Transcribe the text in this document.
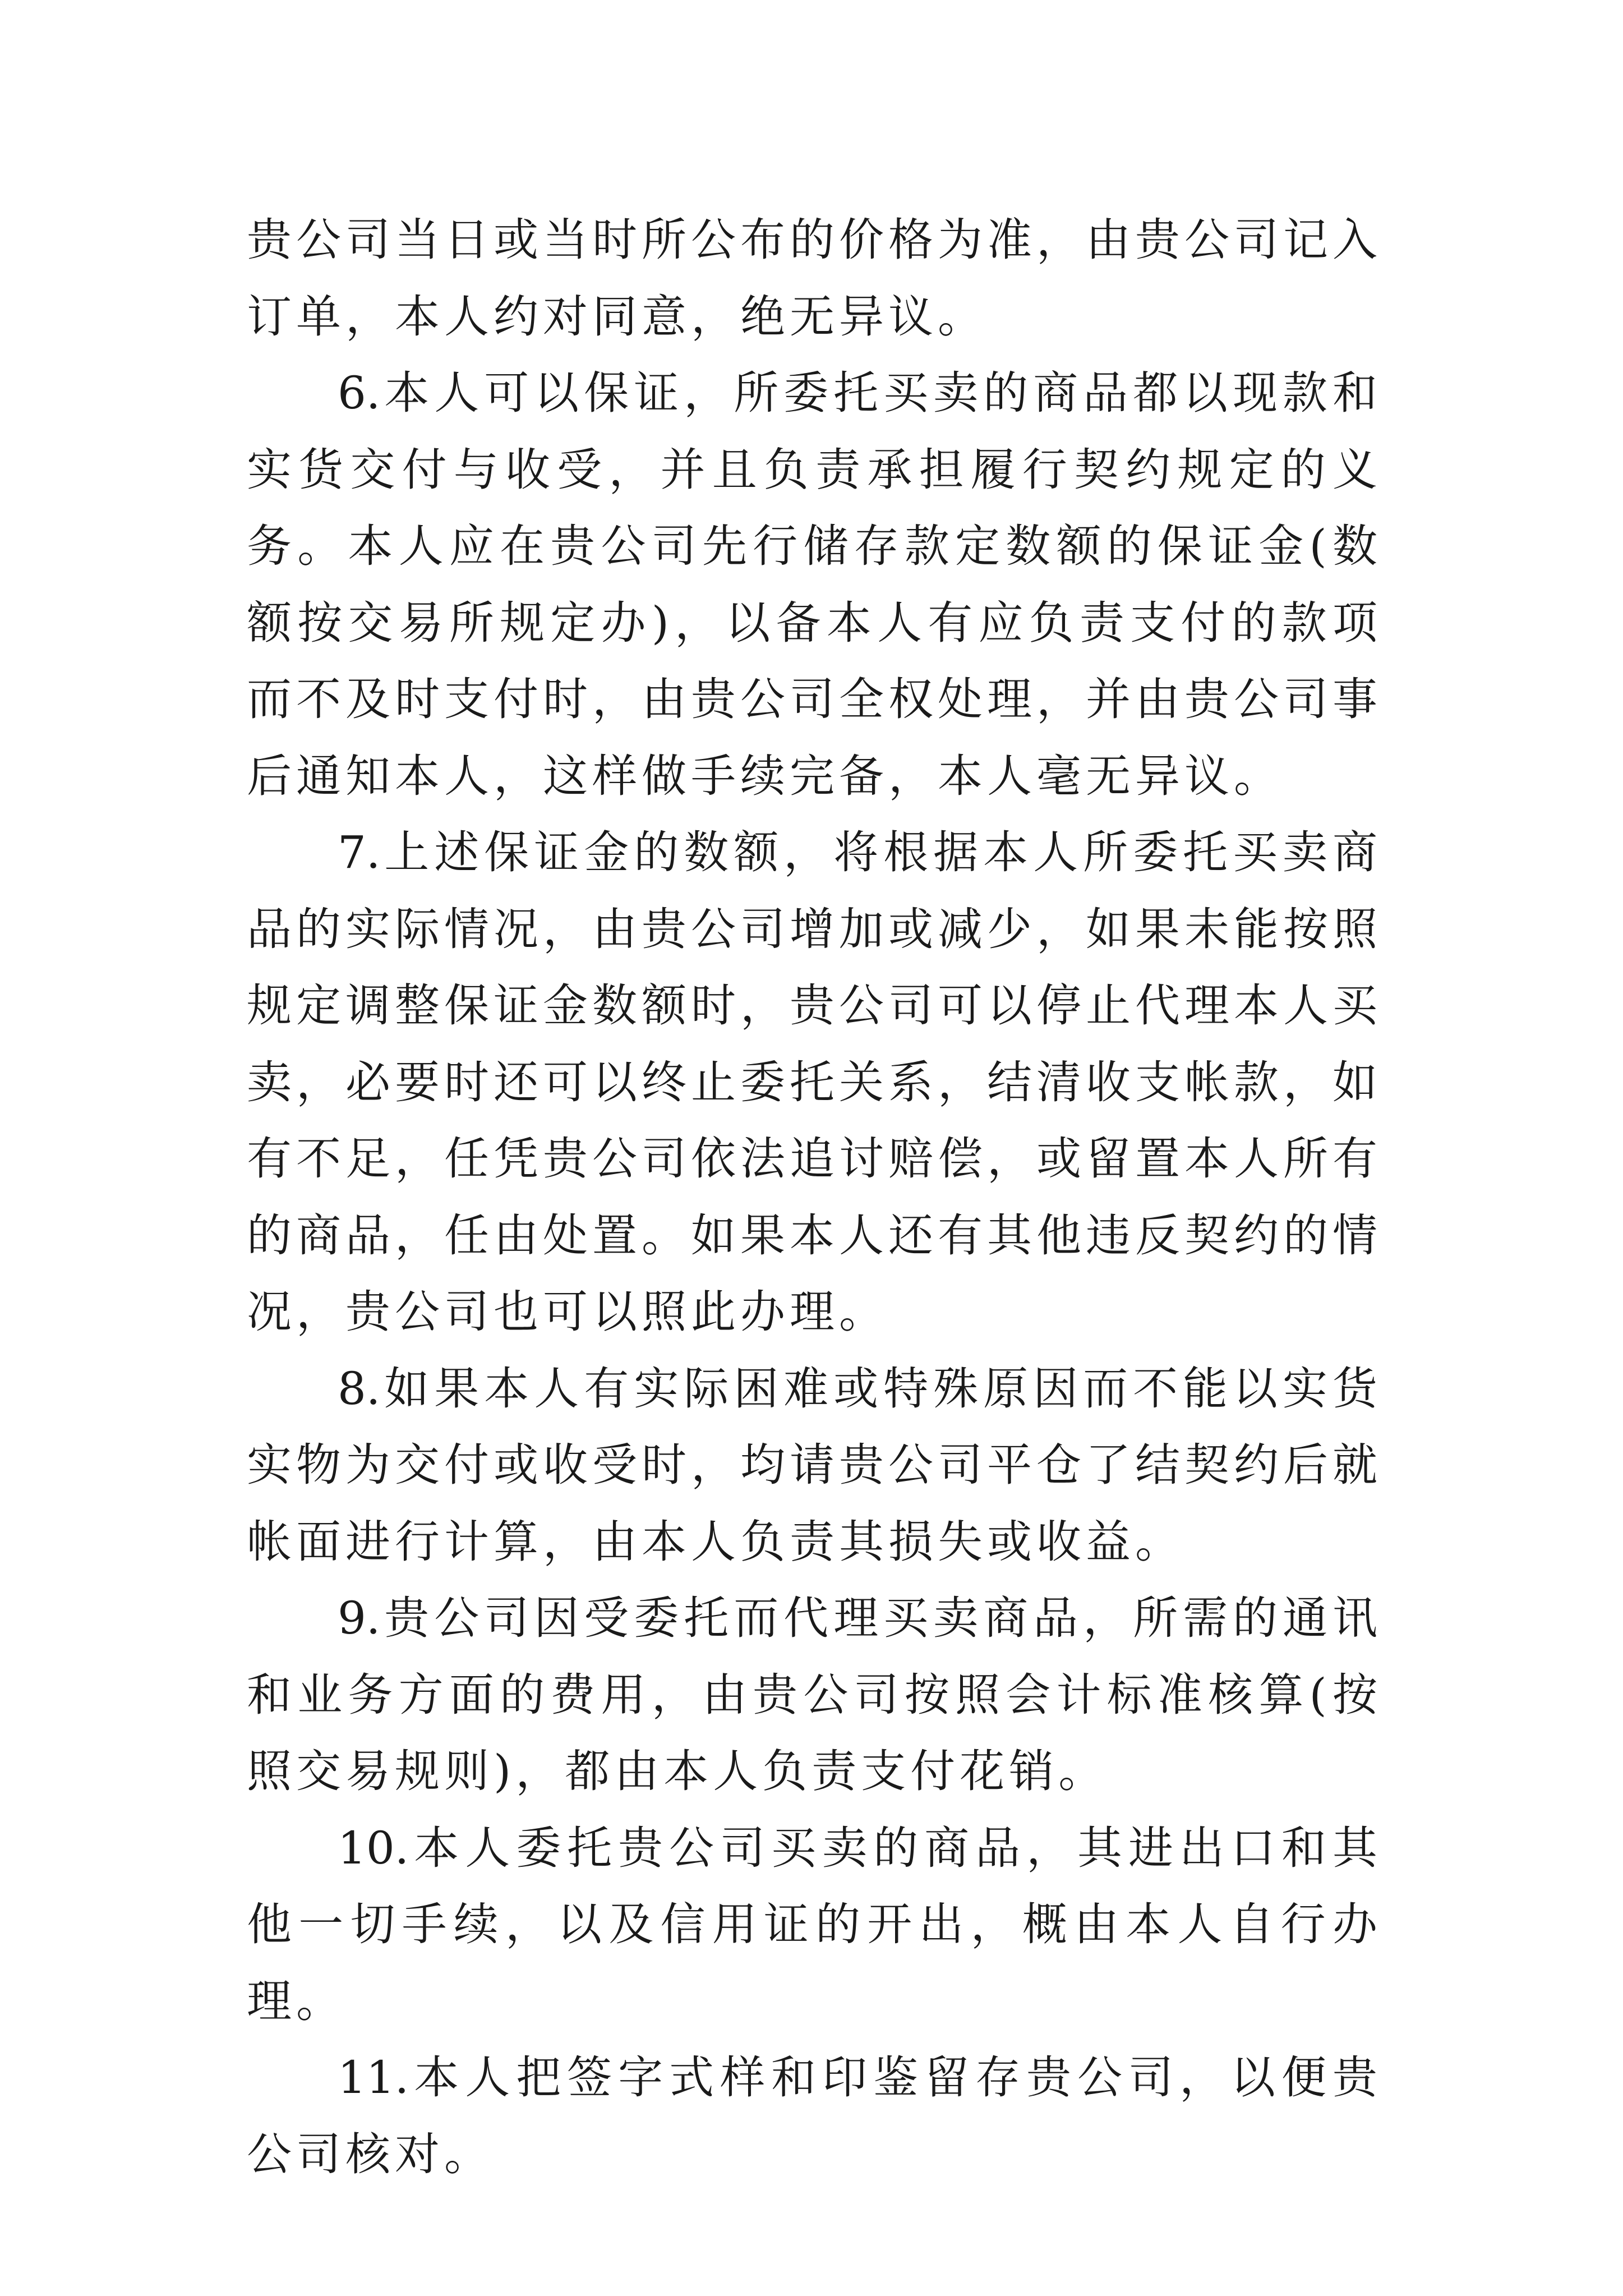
贵公司当日或当时所公布的价格为准，由贵公司记入订单，本人约对同意，绝无异议。

6.本人可以保证，所委托买卖的商品都以现款和实货交付与收受，并且负责承担履行契约规定的义务。本人应在贵公司先行储存款定数额的保证金(数额按交易所规定办)，以备本人有应负责支付的款项而不及时支付时，由贵公司全权处理，并由贵公司事后通知本人，这样做手续完备，本人毫无异议。

7.上述保证金的数额，将根据本人所委托买卖商品的实际情况，由贵公司增加或减少，如果未能按照规定调整保证金数额时，贵公司可以停止代理本人买卖，必要时还可以终止委托关系，结清收支帐款，如有不足，任凭贵公司依法追讨赔偿，或留置本人所有的商品，任由处置。如果本人还有其他违反契约的情况，贵公司也可以照此办理。

8.如果本人有实际困难或特殊原因而不能以实货实物为交付或收受时，均请贵公司平仓了结契约后就帐面进行计算，由本人负责其损失或收益。

9.贵公司因受委托而代理买卖商品，所需的通讯和业务方面的费用，由贵公司按照会计标准核算(按照交易规则)，都由本人负责支付花销。

10.本人委托贵公司买卖的商品，其进出口和其他一切手续，以及信用证的开出，概由本人自行办理。

11.本人把签字式样和印鉴留存贵公司，以便贵公司核对。
